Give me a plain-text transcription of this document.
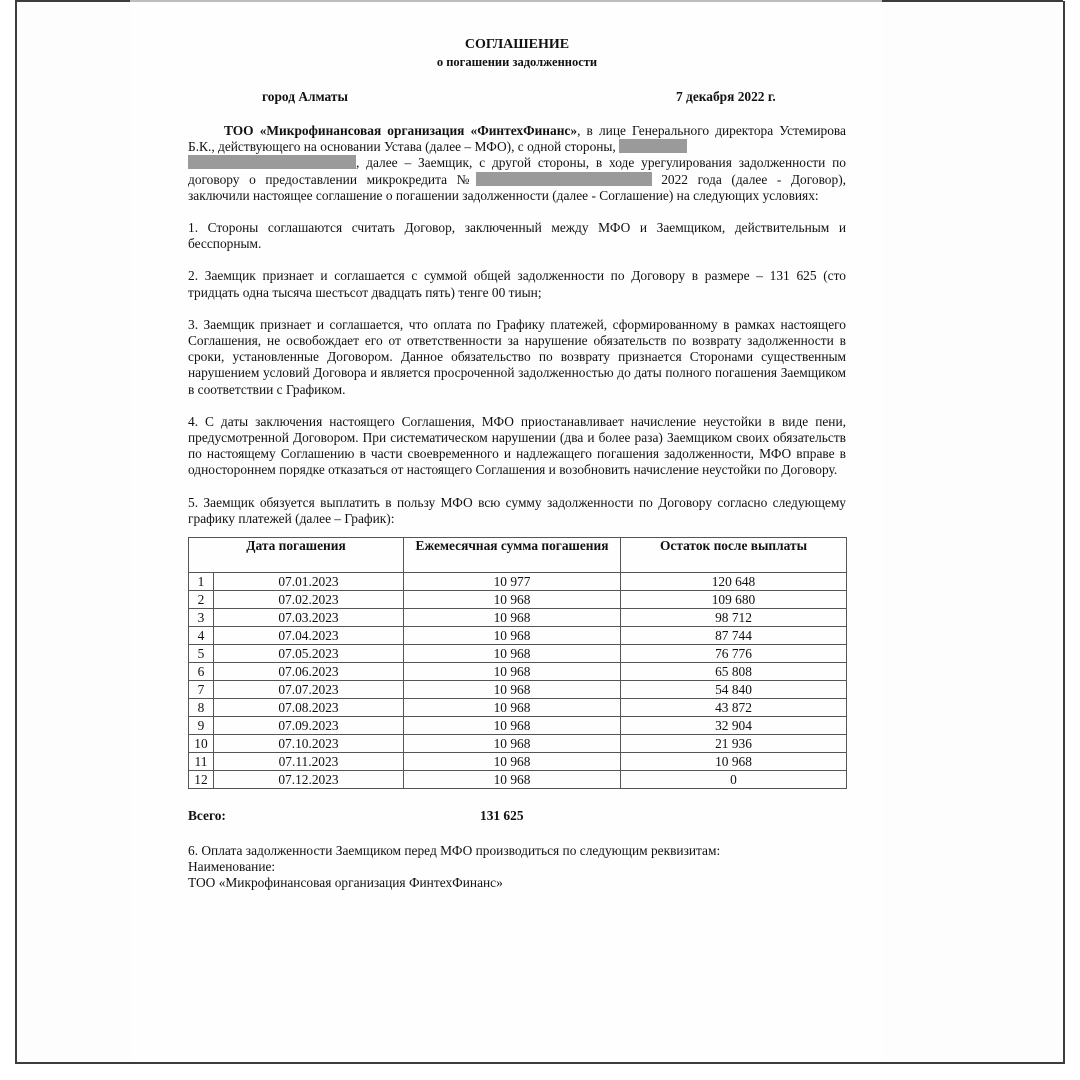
СОГЛАШЕНИЕ
о погашении задолженности
город Алматы	7 декабря 2022 г.

ТОО «Микрофинансовая организация «ФинтехФинанс», в лице Генерального директора Устемирова Б.К., действующего на основании Устава (далее – МФО), с одной стороны,
, далее – Заемщик, с другой стороны, в ходе урегулирования задолженности по договору о предоставлении микрокредита №	2022 года (далее - Договор), заключили настоящее соглашение о погашении задолженности (далее - Соглашение) на следующих условиях:

1. Стороны соглашаются считать Договор, заключенный между МФО и Заемщиком, действительным и бесспорным.

2. Заемщик признает и соглашается с суммой общей задолженности по Договору в размере – 131 625 (сто тридцать одна тысяча шестьсот двадцать пять) тенге 00 тиын;

3. Заемщик признает и соглашается, что оплата по Графику платежей, сформированному в рамках настоящего Соглашения, не освобождает его от ответственности за нарушение обязательств по возврату задолженности в сроки, установленные Договором. Данное обязательство по возврату признается Сторонами существенным нарушением условий Договора и является просроченной задолженностью до даты полного погашения Заемщиком в соответствии с Графиком.

4. С даты заключения настоящего Соглашения, МФО приостанавливает начисление неустойки в виде пени, предусмотренной Договором. При систематическом нарушении (два и более раза) Заемщиком своих обязательств по настоящему Соглашению в части своевременного и надлежащего погашения задолженности, МФО вправе в одностороннем порядке отказаться от настоящего Соглашения и возобновить начисление неустойки по Договору.

5. Заемщик обязуется выплатить в пользу МФО всю сумму задолженности по Договору согласно следующему графику платежей (далее – График):

Дата погашения		Ежемесячная сумма погашения	Остаток после выплаты
1	07.01.2023	10 977	120 648
2	07.02.2023	10 968	109 680
3	07.03.2023	10 968	98 712
4	07.04.2023	10 968	87 744
5	07.05.2023	10 968	76 776
6	07.06.2023	10 968	65 808
7	07.07.2023	10 968	54 840
8	07.08.2023	10 968	43 872
9	07.09.2023	10 968	32 904
10	07.10.2023	10 968	21 936
11	07.11.2023	10 968	10 968
12	07.12.2023	10 968	0
Всего:	131 625

6. Оплата задолженности Заемщиком перед МФО производиться по следующим реквизитам:

Наименование:

ТОО «Микрофинансовая организация ФинтехФинанс»
